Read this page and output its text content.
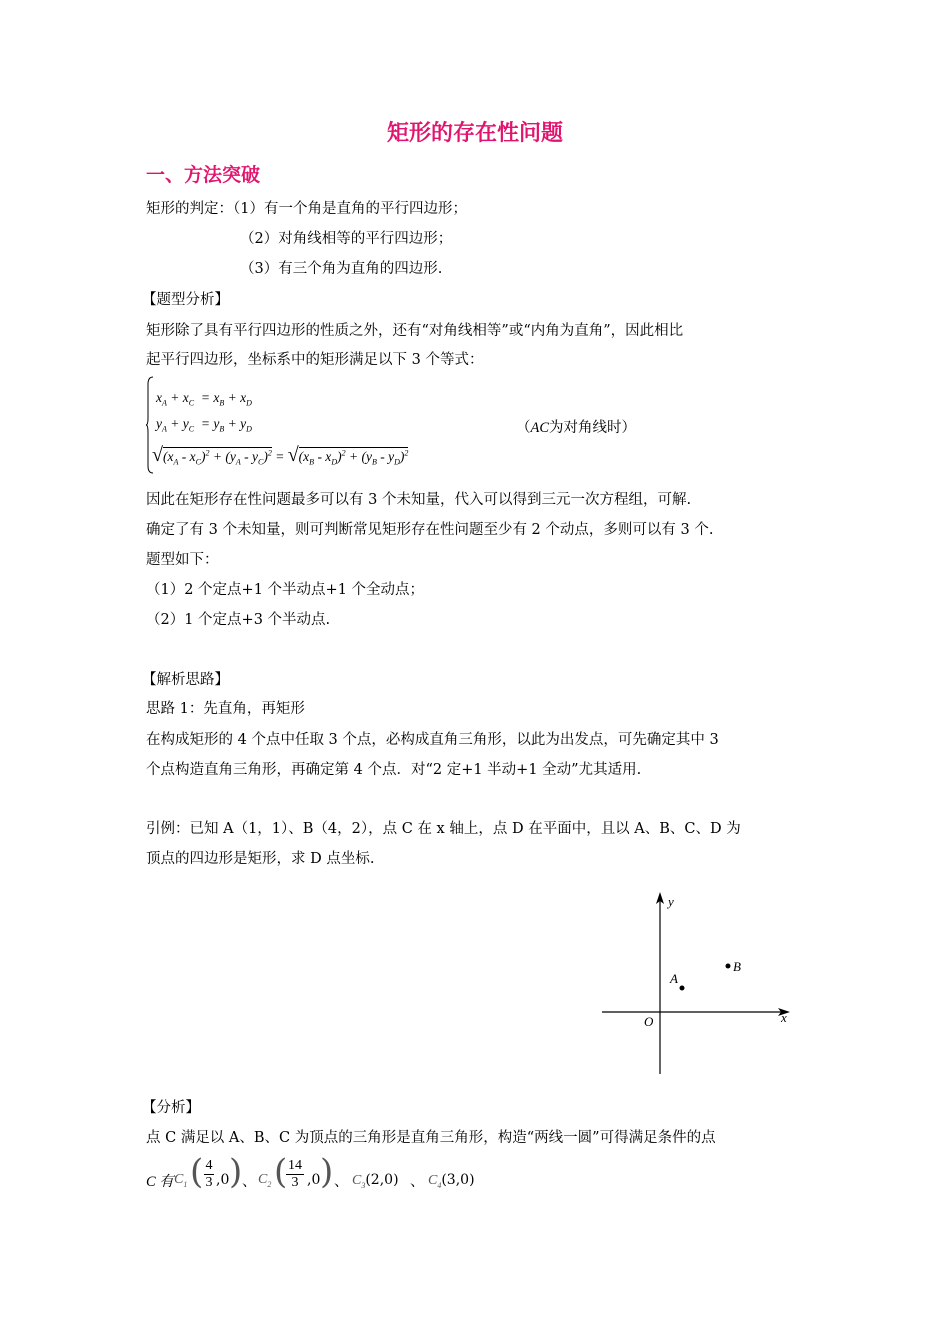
矩形的存在性问题
一、方法突破
矩形的判定：（1）有一个角是直角的平行四边形；
（2）对角线相等的平行四边形；
（3）有三个角为直角的四边形.
【题型分析】
矩形除了具有平行四边形的性质之外，还有“对角线相等”或“内角为直角”，因此相比
起平行四边形，坐标系中的矩形满足以下 3 个等式：
$x_A + x_C = x_B + x_D$
$y_A + y_C = y_B + y_D$
$√(x_A - x_C)^2 + (y_A - y_C)^2 = √(x_B - x_D)^2 + (y_B - y_D)^2$
（AC为对角线时）
因此在矩形存在性问题最多可以有 3 个未知量，代入可以得到三元一次方程组，可解.
确定了有 3 个未知量，则可判断常见矩形存在性问题至少有 2 个动点，多则可以有 3 个.
题型如下：
（1）2 个定点+1 个半动点+1 个全动点；
（2）1 个定点+3 个半动点.
【解析思路】
思路 1：先直角，再矩形
在构成矩形的 4 个点中任取 3 个点，必构成直角三角形，以此为出发点，可先确定其中 3
个点构造直角三角形，再确定第 4 个点．对“2 定+1 半动+1 全动”尤其适用.
引例：已知 A（1，1）、B（4，2），点 C 在 x 轴上，点 D 在平面中，且以 A、B、C、D 为
顶点的四边形是矩形，求 D 点坐标.
y
x
O
A
B
【分析】
点 C 满足以 A、B、C 为顶点的三角形是直角三角形，构造“两线一圆”可得满足条件的点
C 有 $C_1$ ( 4

3 ,0 ) 、 $C_2$ ( 14

3 ,0 ) 、 $C_3(2,0)$ 、 $C_4(3,0)$
